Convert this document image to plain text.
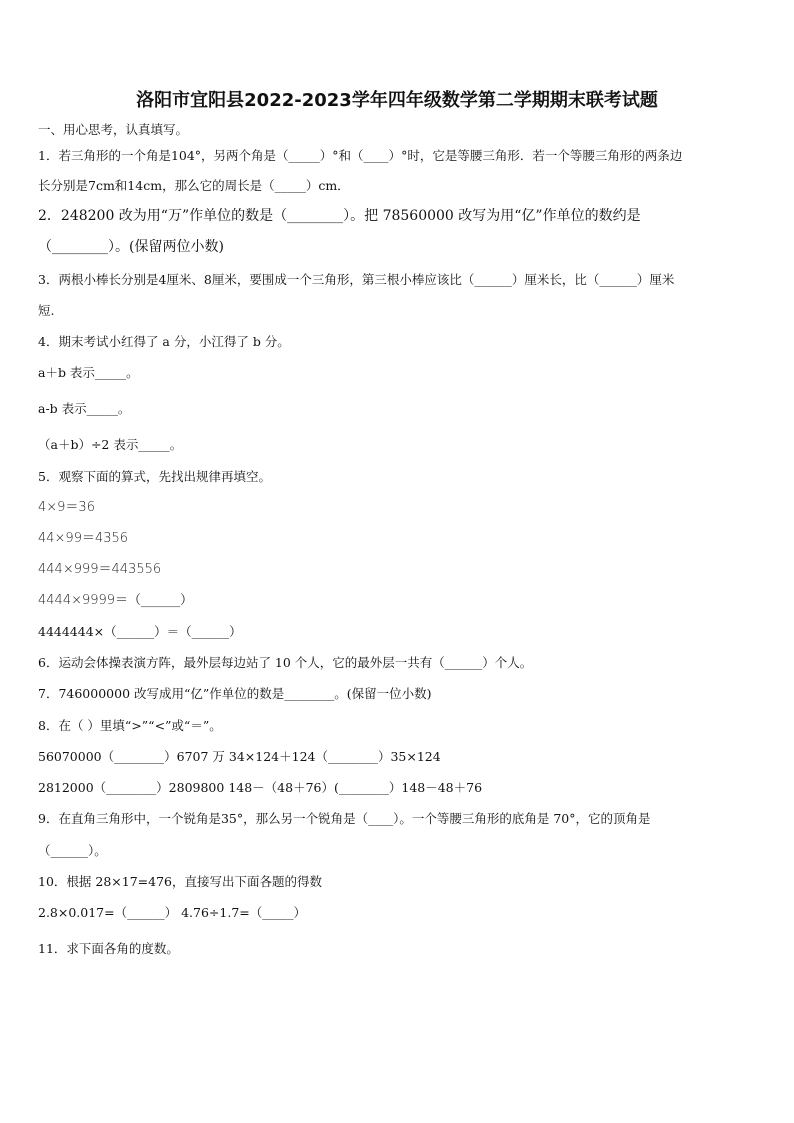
洛阳市宜阳县2022-2023学年四年级数学第二学期期末联考试题
一、用心思考，认真填写。
1．若三角形的一个角是104°，另两个角是（_____）°和（____）°时，它是等腰三角形．若一个等腰三角形的两条边
长分别是7cm和14cm，那么它的周长是（_____）cm．
2．248200 改为用“万”作单位的数是（________）。把 78560000 改写为用“亿”作单位的数约是
（________）。(保留两位小数)
3．两根小棒长分别是4厘米、8厘米，要围成一个三角形，第三根小棒应该比（______）厘米长，比（______）厘米
短.
4．期末考试小红得了 a 分，小江得了 b 分。
a＋b 表示_____。
a-b 表示_____。
（a＋b）÷2 表示_____。
5．观察下面的算式，先找出规律再填空。
4×9＝36
44×99＝4356
444×999＝443556
4444×9999＝（______）
4444444×（______）＝（______）
6．运动会体操表演方阵，最外层每边站了 10 个人，它的最外层一共有（______）个人。
7．746000000 改写成用“亿”作单位的数是________。(保留一位小数)
8．在（ ）里填“>”“<”或“＝”。
56070000（________）6707 万 34×124＋124（________）35×124
2812000（________）2809800 148－（48＋76）(________）148－48＋76
9．在直角三角形中，一个锐角是35°，那么另一个锐角是（____）。一个等腰三角形的底角是 70°，它的顶角是
（______）。
10．根据 28×17=476，直接写出下面各题的得数
2.8×0.017=（______） 4.76÷1.7=（_____）
11．求下面各角的度数。
